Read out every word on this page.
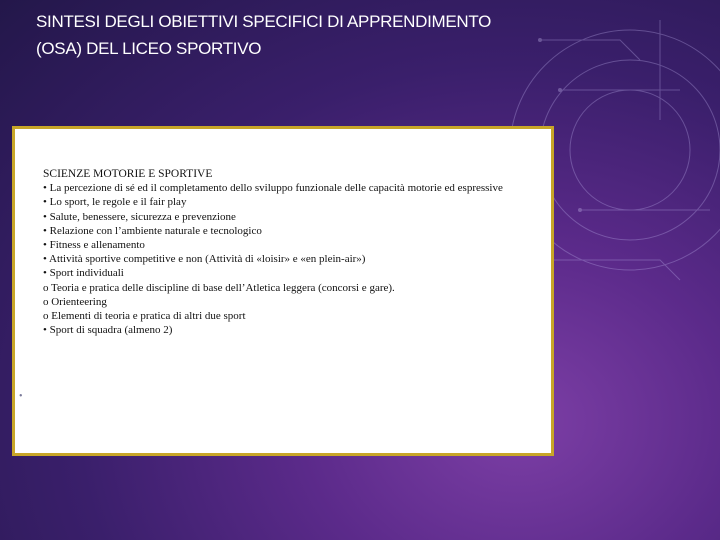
SINTESI DEGLI OBIETTIVI SPECIFICI DI APPRENDIMENTO
(OSA) DEL LICEO SPORTIVO
SCIENZE MOTORIE E SPORTIVE
• La percezione di sé ed il completamento dello sviluppo funzionale delle capacità motorie ed espressive
• Lo sport, le regole e il fair play
• Salute, benessere, sicurezza e prevenzione
• Relazione con l’ambiente naturale e tecnologico
• Fitness e allenamento
• Attività sportive competitive e non (Attività di «loisir» e «en plein-air»)
• Sport individuali
o Teoria e pratica delle discipline di base dell’Atletica leggera (concorsi e gare).
o Orienteering
o Elementi di teoria e pratica di altri due sport
• Sport di squadra (almeno 2)
•
